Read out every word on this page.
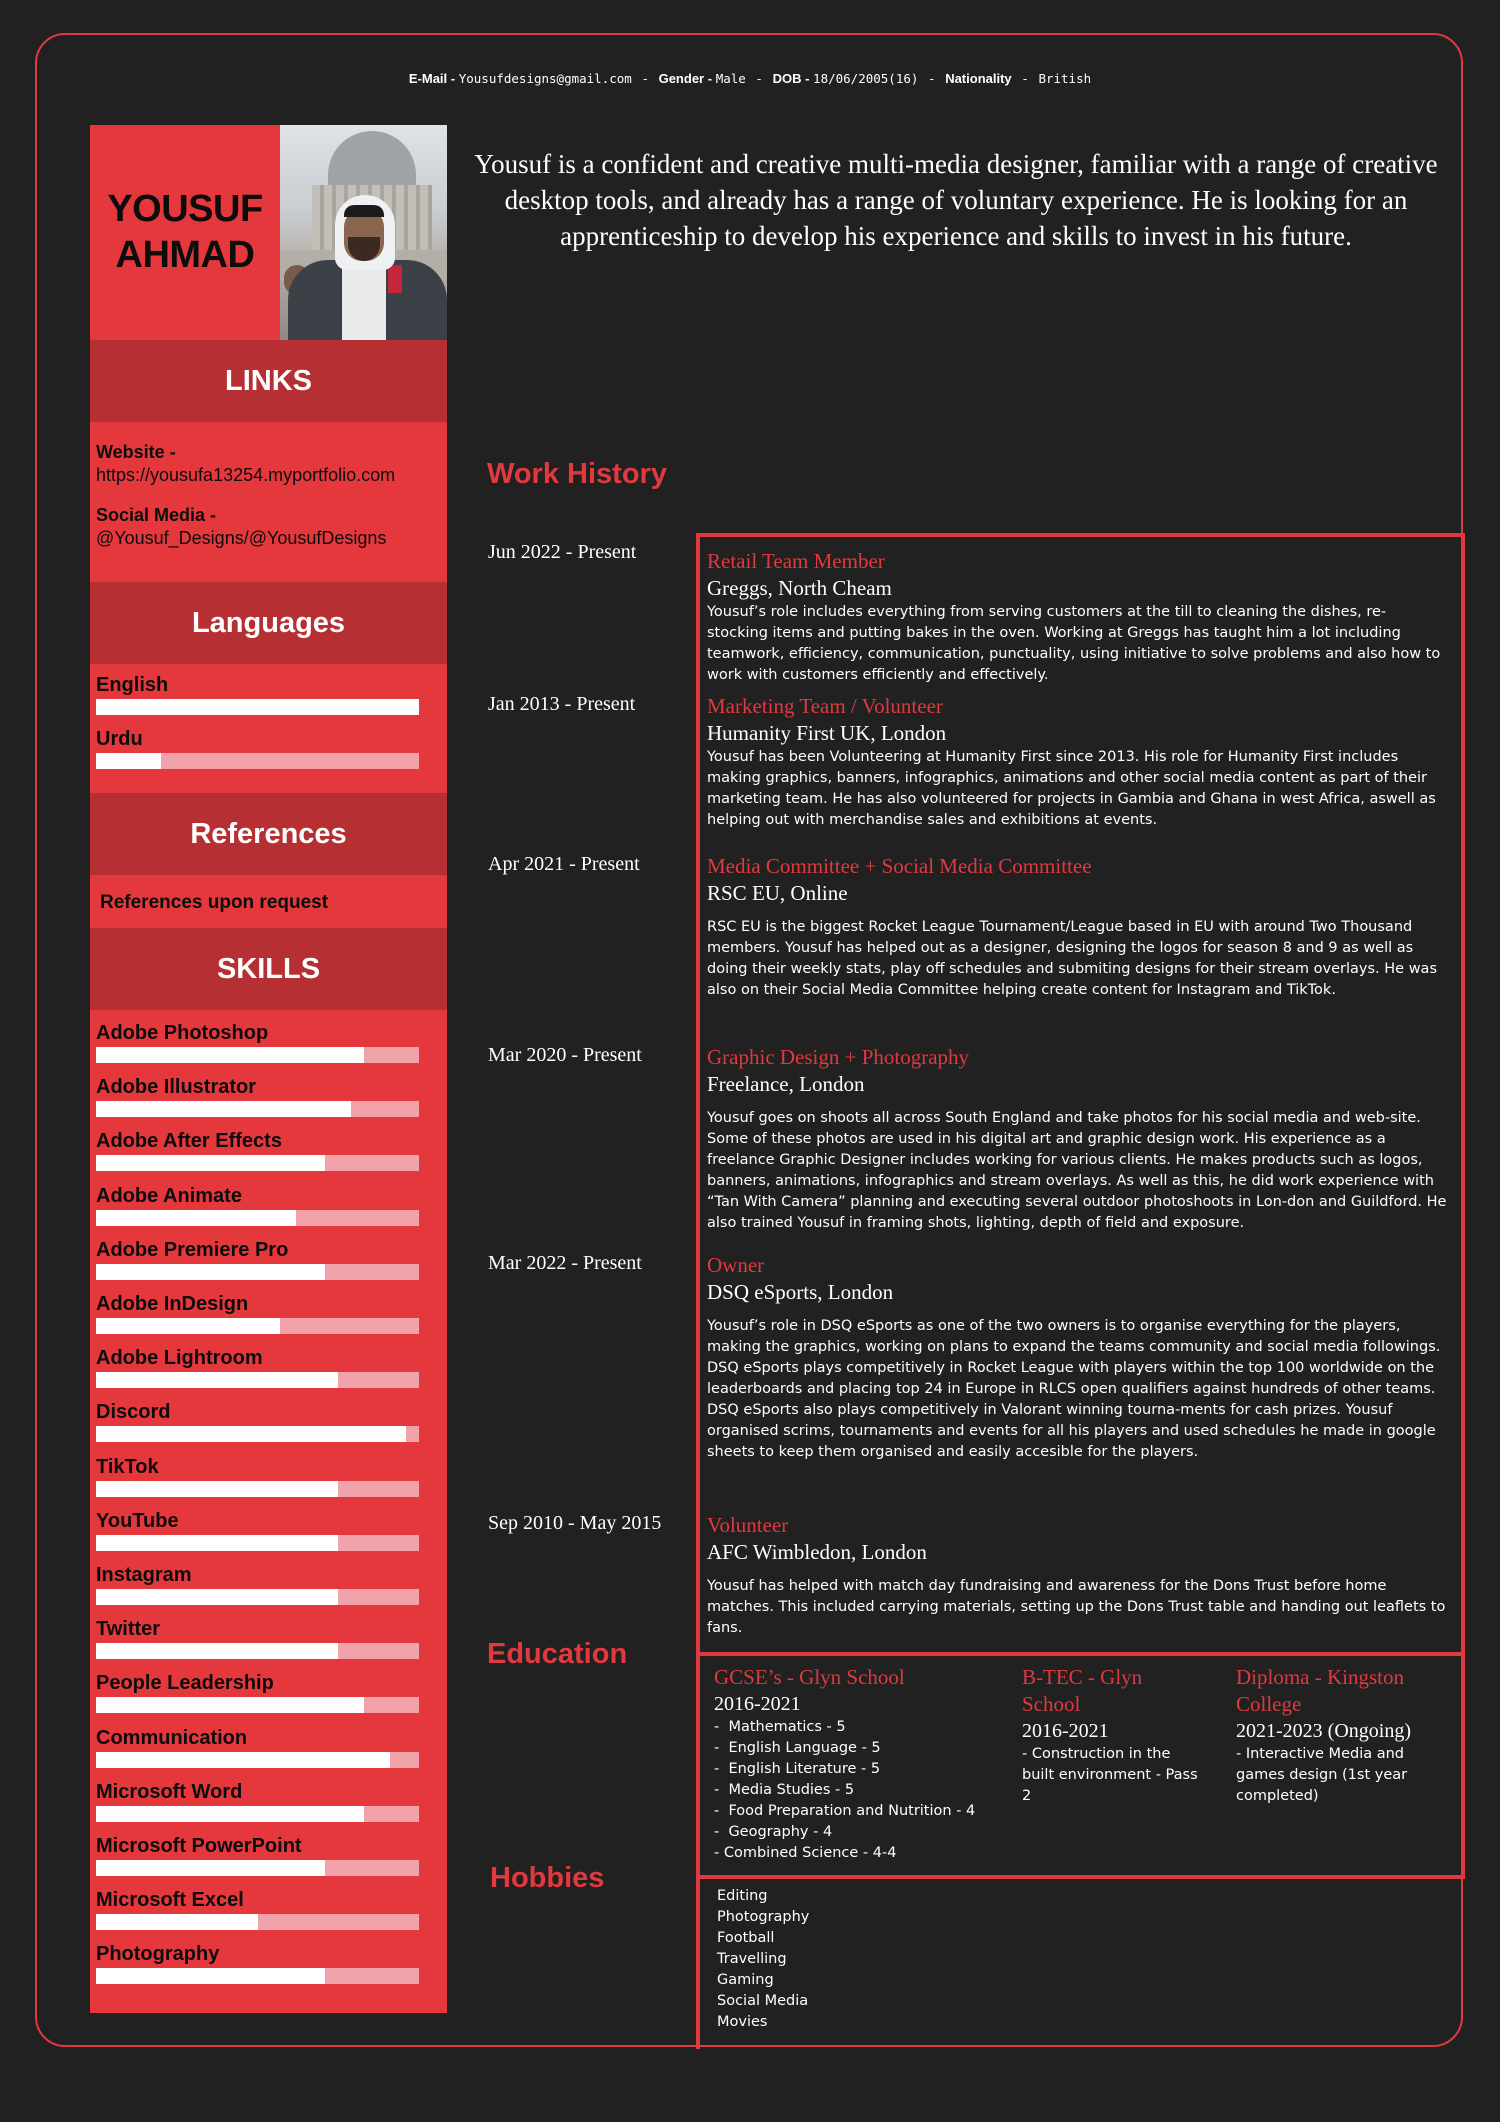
E-Mail - Yousufdesigns@gmail.com - Gender - Male - DOB - 18/06/2005(16) - Nationality - British
YOUSUF
AHMAD
LINKS
Website -
https://yousufa13254.myportfolio.com
Social Media -
@Yousuf_Designs/@YousufDesigns
Languages
English
Urdu
References
References upon request
SKILLS
Adobe Photoshop
Adobe Illustrator
Adobe After Effects
Adobe Animate
Adobe Premiere Pro
Adobe InDesign
Adobe Lightroom
Discord
TikTok
YouTube
Instagram
Twitter
People Leadership
Communication
Microsoft Word
Microsoft PowerPoint
Microsoft Excel
Photography
Yousuf is a confident and creative multi-media designer, familiar with a range of creative desktop tools, and already has a range of voluntary experience. He is looking for an apprenticeship to develop his experience and skills to invest in his future.
Work History
Jun 2022 - Present	Retail Team Member
Greggs, North Cheam
Yousuf’s role includes everything from serving customers at the till to cleaning the dishes, re-stocking items and putting bakes in the oven. Working at Greggs has taught him a lot including teamwork, efficiency, communication, punctuality, using initiative to solve problems and also how to work with customers efficiently and effectively.
Jan 2013 - Present	Marketing Team / Volunteer
Humanity First UK, London
Yousuf has been Volunteering at Humanity First since 2013. His role for Humanity First includes making graphics, banners, infographics, animations and other social media content as part of their marketing team. He has also volunteered for projects in Gambia and Ghana in west Africa, aswell as helping out with merchandise sales and exhibitions at events.
Apr 2021 - Present	Media Committee + Social Media Committee
RSC EU, Online
RSC EU is the biggest Rocket League Tournament/League based in EU with around Two Thousand members. Yousuf has helped out as a designer, designing the logos for season 8 and 9 as well as doing their weekly stats, play off schedules and submiting designs for their stream overlays. He was also on their Social Media Committee helping create content for Instagram and TikTok.
Mar 2020 - Present	Graphic Design + Photography
Freelance, London
Yousuf goes on shoots all across South England and take photos for his social media and web-site. Some of these photos are used in his digital art and graphic design work. His experience as a freelance Graphic Designer includes working for various clients. He makes products such as logos, banners, animations, infographics and stream overlays. As well as this, he did work experience with “Tan With Camera” planning and executing several outdoor photoshoots in Lon-don and Guildford. He also trained Yousuf in framing shots, lighting, depth of field and exposure.
Mar 2022 - Present	Owner
DSQ eSports, London
Yousuf’s role in DSQ eSports as one of the two owners is to organise everything for the players, making the graphics, working on plans to expand the teams community and social media followings. DSQ eSports plays competitively in Rocket League with players within the top 100 worldwide on the leaderboards and placing top 24 in Europe in RLCS open qualifiers against hundreds of other teams. DSQ eSports also plays competitively in Valorant winning tourna-ments for cash prizes. Yousuf organised scrims, tournaments and events for all his players and used schedules he made in google sheets to keep them organised and easily accesible for the players.
Sep 2010 - May 2015	Volunteer
AFC Wimbledon, London
Yousuf has helped with match day fundraising and awareness for the Dons Trust before home matches. This included carrying materials, setting up the Dons Trust table and handing out leaflets to fans.
Education
GCSE’s - Glyn School
2016-2021
-  Mathematics - 5
-  English Language - 5
-  English Literature - 5
-  Media Studies - 5
-  Food Preparation and Nutrition - 4
-  Geography - 4
- Combined Science - 4-4
B-TEC - Glyn School
2016-2021
- Construction in the built environment - Pass 2
Diploma - Kingston College
2021-2023 (Ongoing)
- Interactive Media and games design (1st year completed)
Hobbies
Editing
Photography
Football
Travelling
Gaming
Social Media
Movies
